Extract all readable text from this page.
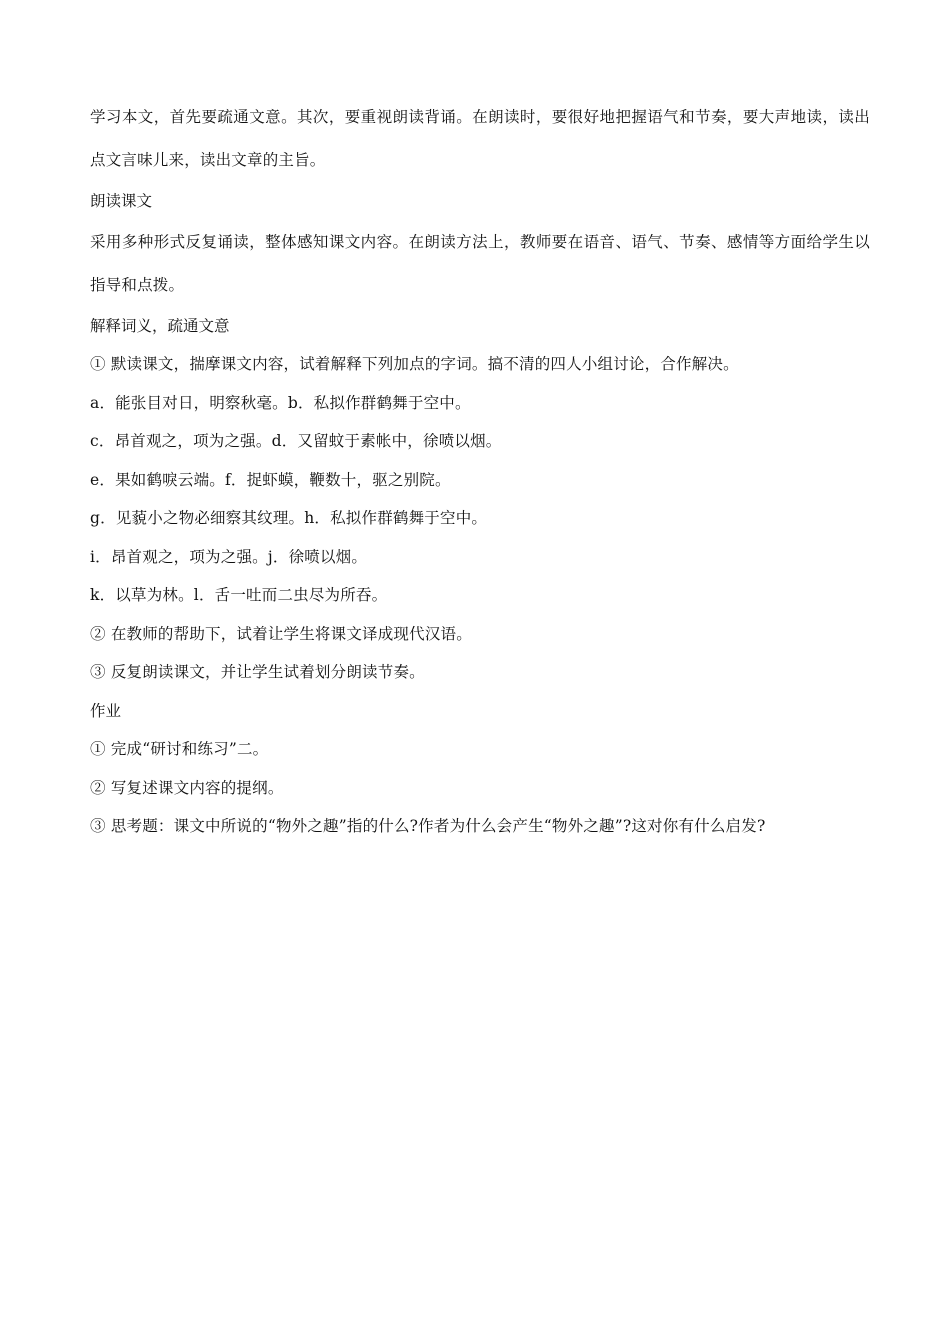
学习本文，首先要疏通文意。其次，要重视朗读背诵。在朗读时，要很好地把握语气和节奏，要大声地读，读出点文言味儿来，读出文章的主旨。

朗读课文

采用多种形式反复诵读，整体感知课文内容。在朗读方法上，教师要在语音、语气、节奏、感情等方面给学生以指导和点拨。

解释词义，疏通文意

① 默读课文，揣摩课文内容，试着解释下列加点的字词。搞不清的四人小组讨论，合作解决。

a．能张目对日，明察秋毫。b．私拟作群鹤舞于空中。

c．昂首观之，项为之强。d．又留蚊于素帐中，徐喷以烟。

e．果如鹤唳云端。f．捉虾蟆，鞭数十，驱之别院。

g．见藐小之物必细察其纹理。h．私拟作群鹤舞于空中。

i．昂首观之，项为之强。j．徐喷以烟。

k．以草为林。l．舌一吐而二虫尽为所吞。

② 在教师的帮助下，试着让学生将课文译成现代汉语。

③ 反复朗读课文，并让学生试着划分朗读节奏。

作业

① 完成“研讨和练习”二。

② 写复述课文内容的提纲。

③ 思考题：课文中所说的“物外之趣”指的什么?作者为什么会产生“物外之趣”?这对你有什么启发?
